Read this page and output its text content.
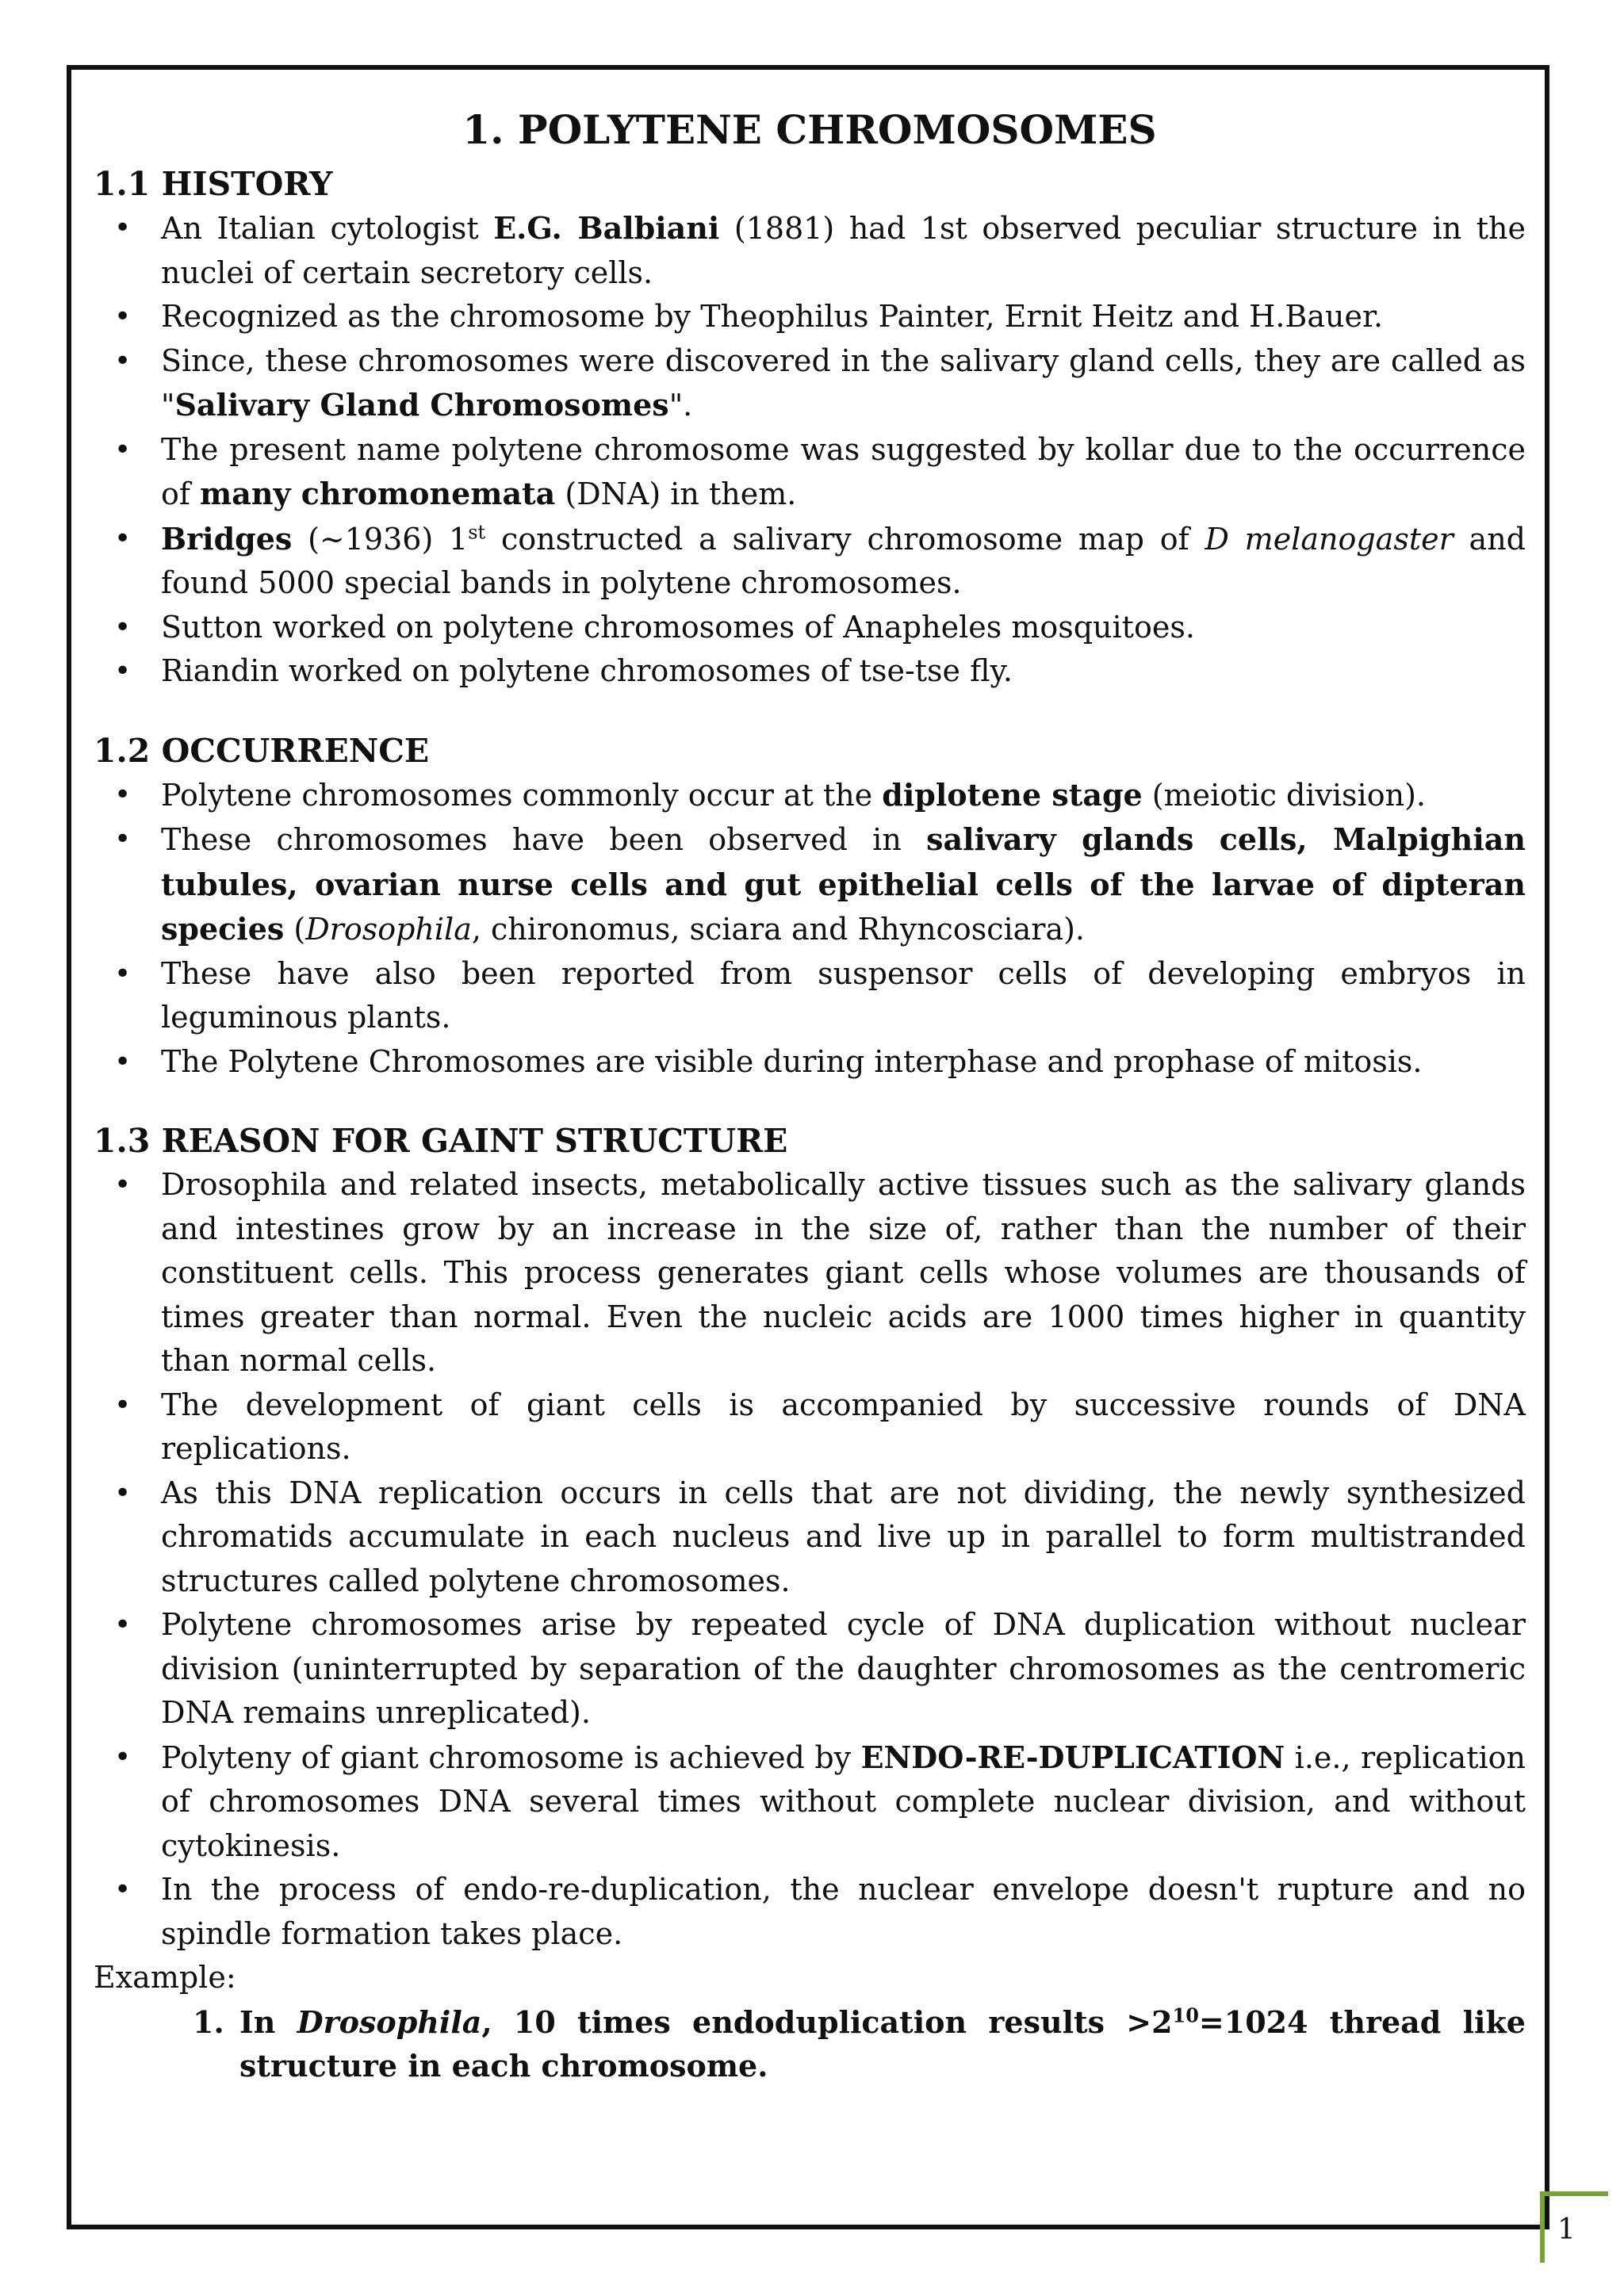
1. POLYTENE CHROMOSOMES
1.1 HISTORY
• An Italian cytologist E.G. Balbiani (1881) had 1st observed peculiar structure in the nuclei of certain secretory cells.
• Recognized as the chromosome by Theophilus Painter, Ernit Heitz and H.Bauer.
• Since, these chromosomes were discovered in the salivary gland cells, they are called as "Salivary Gland Chromosomes".
• The present name polytene chromosome was suggested by kollar due to the occurrence of many chromonemata (DNA) in them.
• Bridges (~1936) 1st constructed a salivary chromosome map of D melanogaster and found 5000 special bands in polytene chromosomes.
• Sutton worked on polytene chromosomes of Anapheles mosquitoes.
• Riandin worked on polytene chromosomes of tse-tse fly.
1.2 OCCURRENCE
• Polytene chromosomes commonly occur at the diplotene stage (meiotic division).
• These chromosomes have been observed in salivary glands cells, Malpighian tubules, ovarian nurse cells and gut epithelial cells of the larvae of dipteran species (Drosophila, chironomus, sciara and Rhyncosciara).
• These have also been reported from suspensor cells of developing embryos in leguminous plants.
• The Polytene Chromosomes are visible during interphase and prophase of mitosis.
1.3 REASON FOR GAINT STRUCTURE
• Drosophila and related insects, metabolically active tissues such as the salivary glands and intestines grow by an increase in the size of, rather than the number of their constituent cells. This process generates giant cells whose volumes are thousands of times greater than normal. Even the nucleic acids are 1000 times higher in quantity than normal cells.
• The development of giant cells is accompanied by successive rounds of DNA replications.
• As this DNA replication occurs in cells that are not dividing, the newly synthesized chromatids accumulate in each nucleus and live up in parallel to form multistranded structures called polytene chromosomes.
• Polytene chromosomes arise by repeated cycle of DNA duplication without nuclear division (uninterrupted by separation of the daughter chromosomes as the centromeric DNA remains unreplicated).
• Polyteny of giant chromosome is achieved by ENDO-RE-DUPLICATION i.e., replication of chromosomes DNA several times without complete nuclear division, and without cytokinesis.
• In the process of endo-re-duplication, the nuclear envelope doesn't rupture and no spindle formation takes place.

Example:

1. In Drosophila, 10 times endoduplication results $>2^{10}=1024$ thread like structure in each chromosome.
1
